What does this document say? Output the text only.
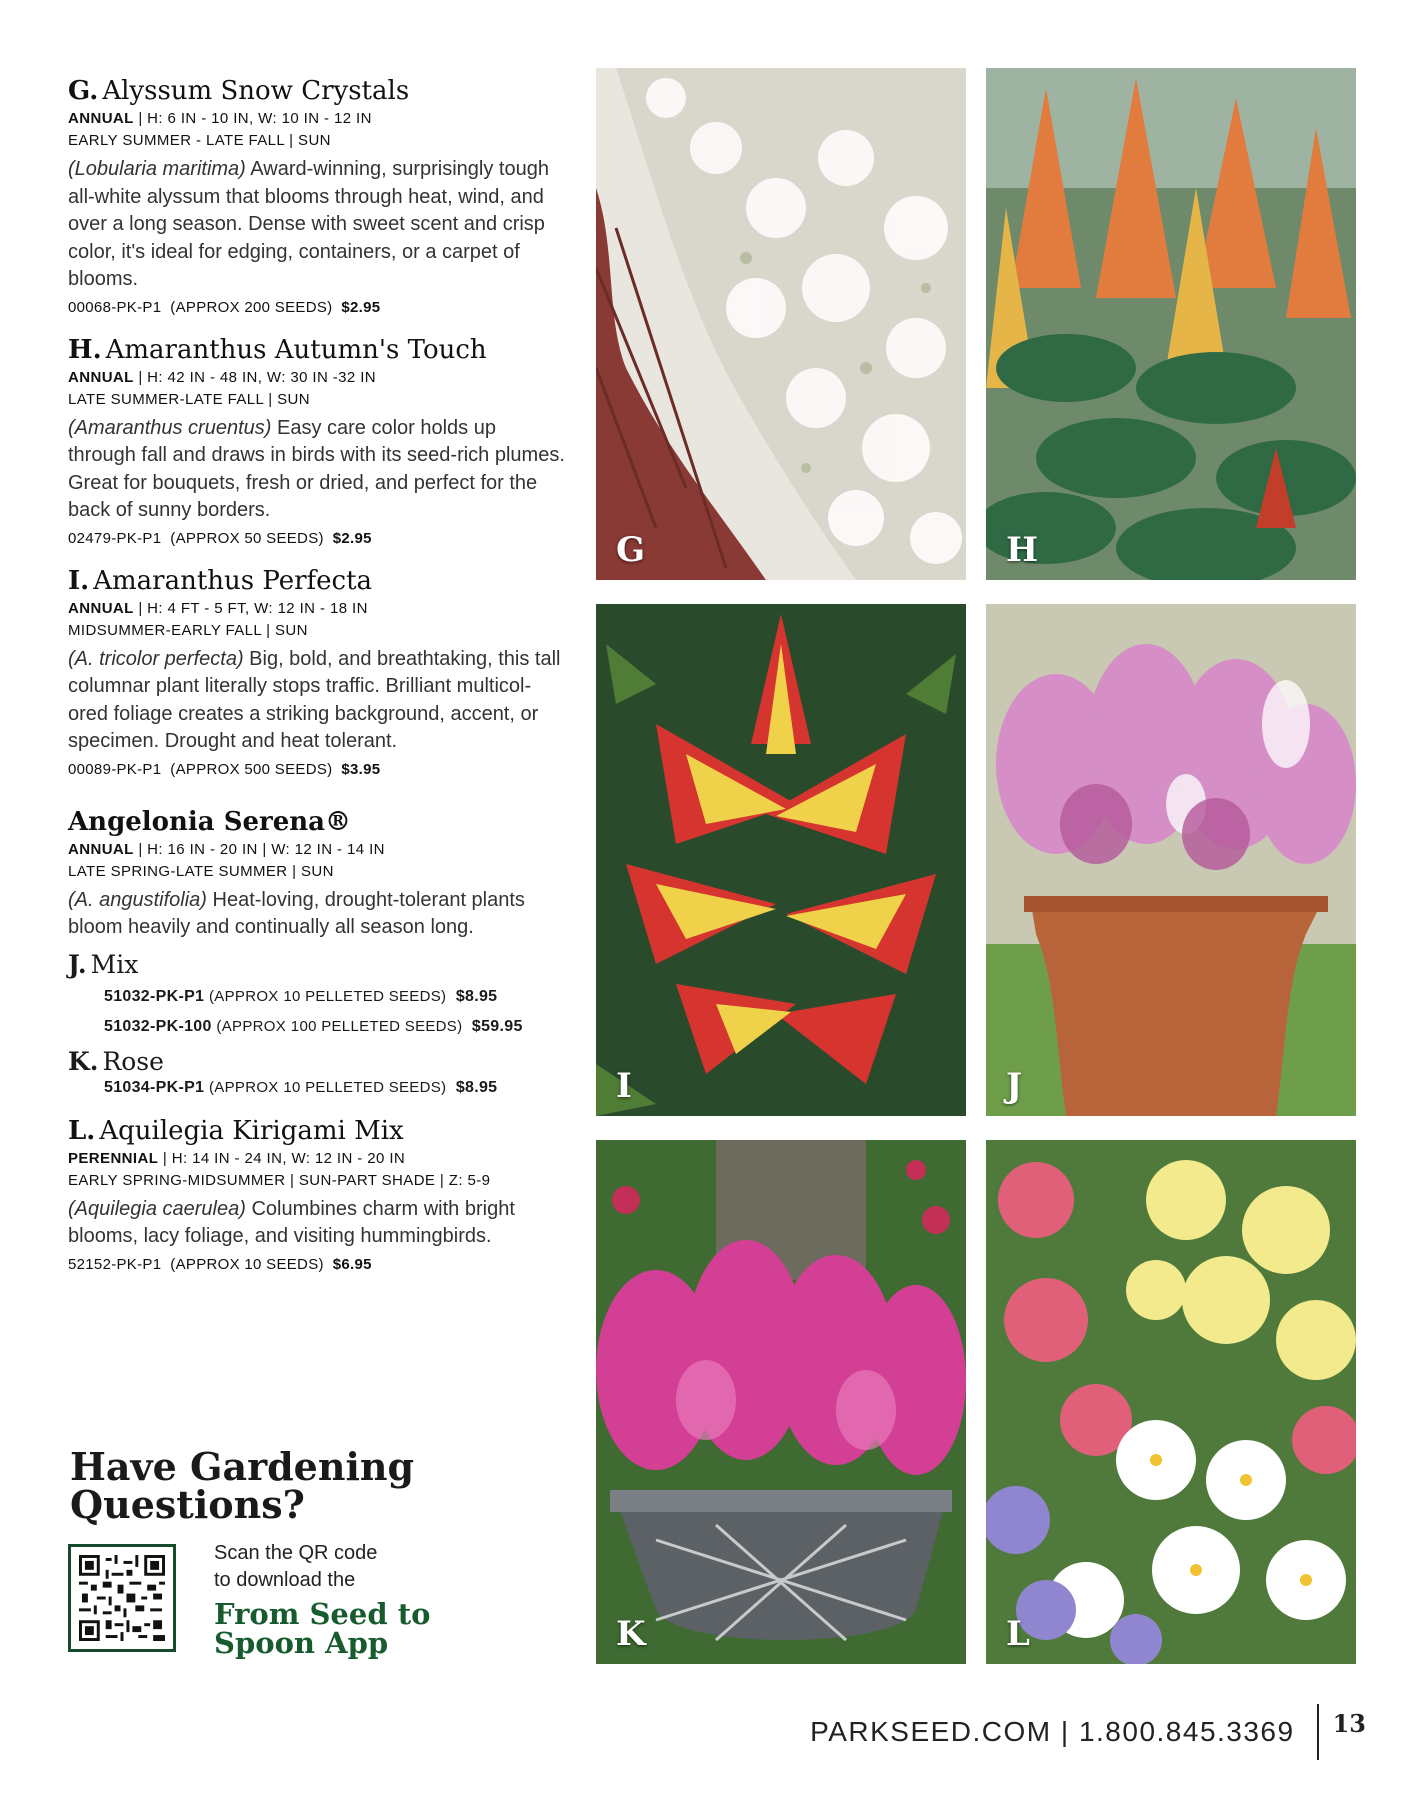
G. Alyssum Snow Crystals
ANNUAL | H: 6 IN - 10 IN, W: 10 IN - 12 IN
EARLY SUMMER - LATE FALL | SUN
(Lobularia maritima) Award-winning, surprisingly tough all-white alyssum that blooms through heat, wind, and over a long season. Dense with sweet scent and crisp color, it's ideal for edging, containers, or a carpet of blooms.
00068-PK-P1 (APPROX 200 SEEDS) $2.95
H. Amaranthus Autumn's Touch
ANNUAL | H: 42 IN - 48 IN, W: 30 IN -32 IN
LATE SUMMER-LATE FALL | SUN
(Amaranthus cruentus) Easy care color holds up through fall and draws in birds with its seed-rich plumes. Great for bouquets, fresh or dried, and perfect for the back of sunny borders.
02479-PK-P1 (APPROX 50 SEEDS) $2.95
I. Amaranthus Perfecta
ANNUAL | H: 4 FT - 5 FT, W: 12 IN - 18 IN
MIDSUMMER-EARLY FALL | SUN
(A. tricolor perfecta) Big, bold, and breathtaking, this tall columnar plant literally stops traffic. Brilliant multicol-ored foliage creates a striking background, accent, or specimen. Drought and heat tolerant.
00089-PK-P1 (APPROX 500 SEEDS) $3.95
Angelonia Serena®
ANNUAL | H: 16 IN - 20 IN | W: 12 IN - 14 IN
LATE SPRING-LATE SUMMER | SUN
(A. angustifolia) Heat-loving, drought-tolerant plants bloom heavily and continually all season long.
J. Mix
51032-PK-P1 (APPROX 10 PELLETED SEEDS) $8.95
51032-PK-100 (APPROX 100 PELLETED SEEDS) $59.95
K. Rose
51034-PK-P1 (APPROX 10 PELLETED SEEDS) $8.95
L. Aquilegia Kirigami Mix
PERENNIAL | H: 14 IN - 24 IN, W: 12 IN - 20 IN
EARLY SPRING-MIDSUMMER | SUN-PART SHADE | Z: 5-9
(Aquilegia caerulea) Columbines charm with bright blooms, lacy foliage, and visiting hummingbirds.
52152-PK-P1 (APPROX 10 SEEDS) $6.95
Have Gardening
Questions?
Scan the QR code
to download the
From Seed to
Spoon App
G	H
I	J
K	L
PARKSEED.COM | 1.800.845.3369 13
